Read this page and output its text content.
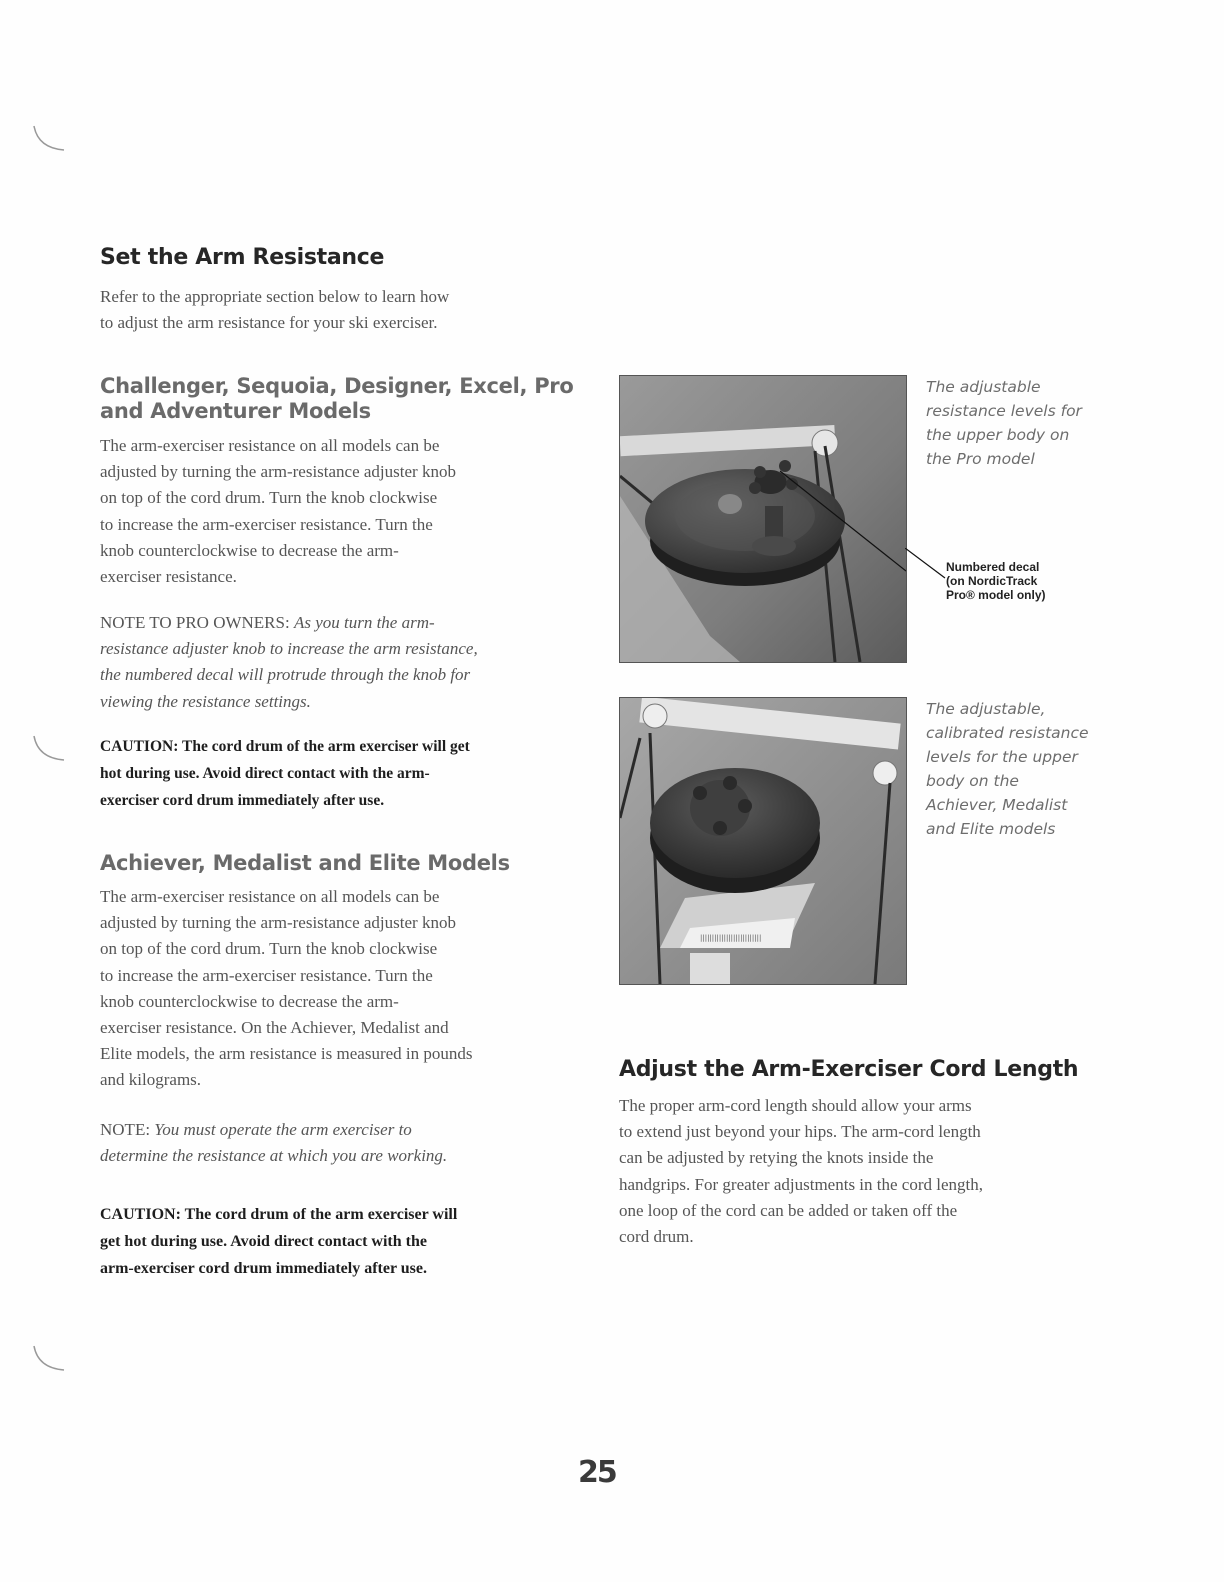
Set the Arm Resistance
Refer to the appropriate section below to learn how
to adjust the arm resistance for your ski exerciser.
Challenger, Sequoia, Designer, Excel, Pro
and Adventurer Models
The arm-exerciser resistance on all models can be
adjusted by turning the arm-resistance adjuster knob
on top of the cord drum. Turn the knob clockwise
to increase the arm-exerciser resistance. Turn the
knob counterclockwise to decrease the arm-
exerciser resistance.
NOTE TO PRO OWNERS: As you turn the arm-
resistance adjuster knob to increase the arm resistance,
the numbered decal will protrude through the knob for
viewing the resistance settings.
CAUTION: The cord drum of the arm exerciser will get
hot during use. Avoid direct contact with the arm-
exerciser cord drum immediately after use.
Achiever, Medalist and Elite Models
The arm-exerciser resistance on all models can be
adjusted by turning the arm-resistance adjuster knob
on top of the cord drum. Turn the knob clockwise
to increase the arm-exerciser resistance. Turn the
knob counterclockwise to decrease the arm-
exerciser resistance. On the Achiever, Medalist and
Elite models, the arm resistance is measured in pounds
and kilograms.
NOTE: You must operate the arm exerciser to
determine the resistance at which you are working.
CAUTION: The cord drum of the arm exerciser will
get hot during use. Avoid direct contact with the
arm-exerciser cord drum immediately after use.
The adjustable
resistance levels for
the upper body on
the Pro model
Numbered decal
(on NordicTrack
Pro® model only)
||||||||||||||||||||||||||
The adjustable,
calibrated resistance
levels for the upper
body on the
Achiever, Medalist
and Elite models
Adjust the Arm-Exerciser Cord Length
The proper arm-cord length should allow your arms
to extend just beyond your hips. The arm-cord length
can be adjusted by retying the knots inside the
handgrips. For greater adjustments in the cord length,
one loop of the cord can be added or taken off the
cord drum.
25
